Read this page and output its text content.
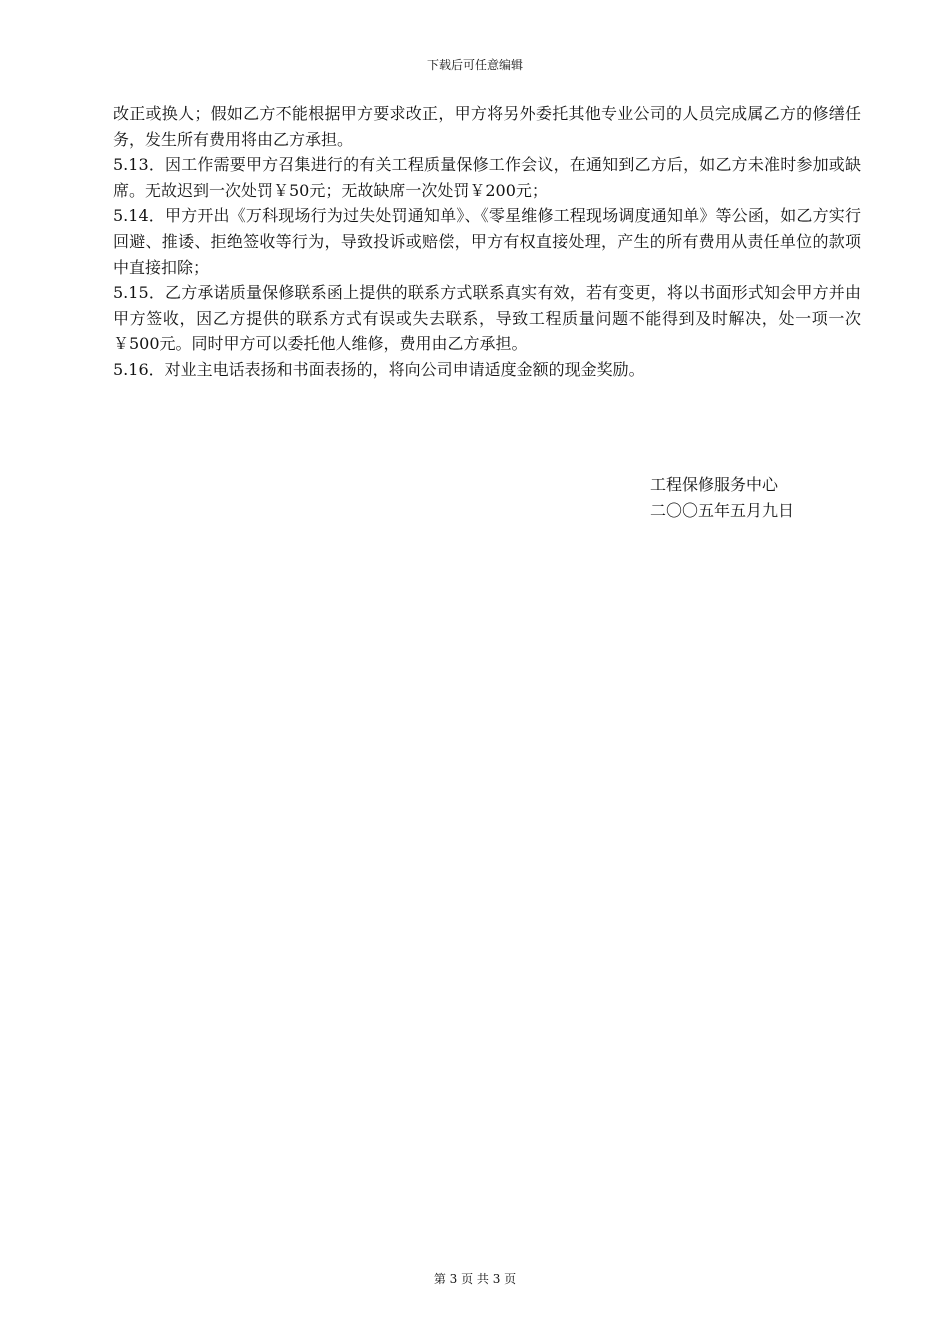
下载后可任意编辑

改正或换人；假如乙方不能根据甲方要求改正，甲方将另外委托其他专业公司的人员完成属乙方的修缮任务，发生所有费用将由乙方承担。

5.13．因工作需要甲方召集进行的有关工程质量保修工作会议，在通知到乙方后，如乙方未准时参加或缺席。无故迟到一次处罚￥50元；无故缺席一次处罚￥200元；

5.14．甲方开出《万科现场行为过失处罚通知单》、《零星维修工程现场调度通知单》等公函，如乙方实行回避、推诿、拒绝签收等行为，导致投诉或赔偿，甲方有权直接处理，产生的所有费用从责任单位的款项中直接扣除；

5.15．乙方承诺质量保修联系函上提供的联系方式联系真实有效，若有变更，将以书面形式知会甲方并由甲方签收，因乙方提供的联系方式有误或失去联系，导致工程质量问题不能得到及时解决，处一项一次￥500元。同时甲方可以委托他人维修，费用由乙方承担。

5.16．对业主电话表扬和书面表扬的，将向公司申请适度金额的现金奖励。

工程保修服务中心
二〇〇五年五月九日
第 3 页 共 3 页
